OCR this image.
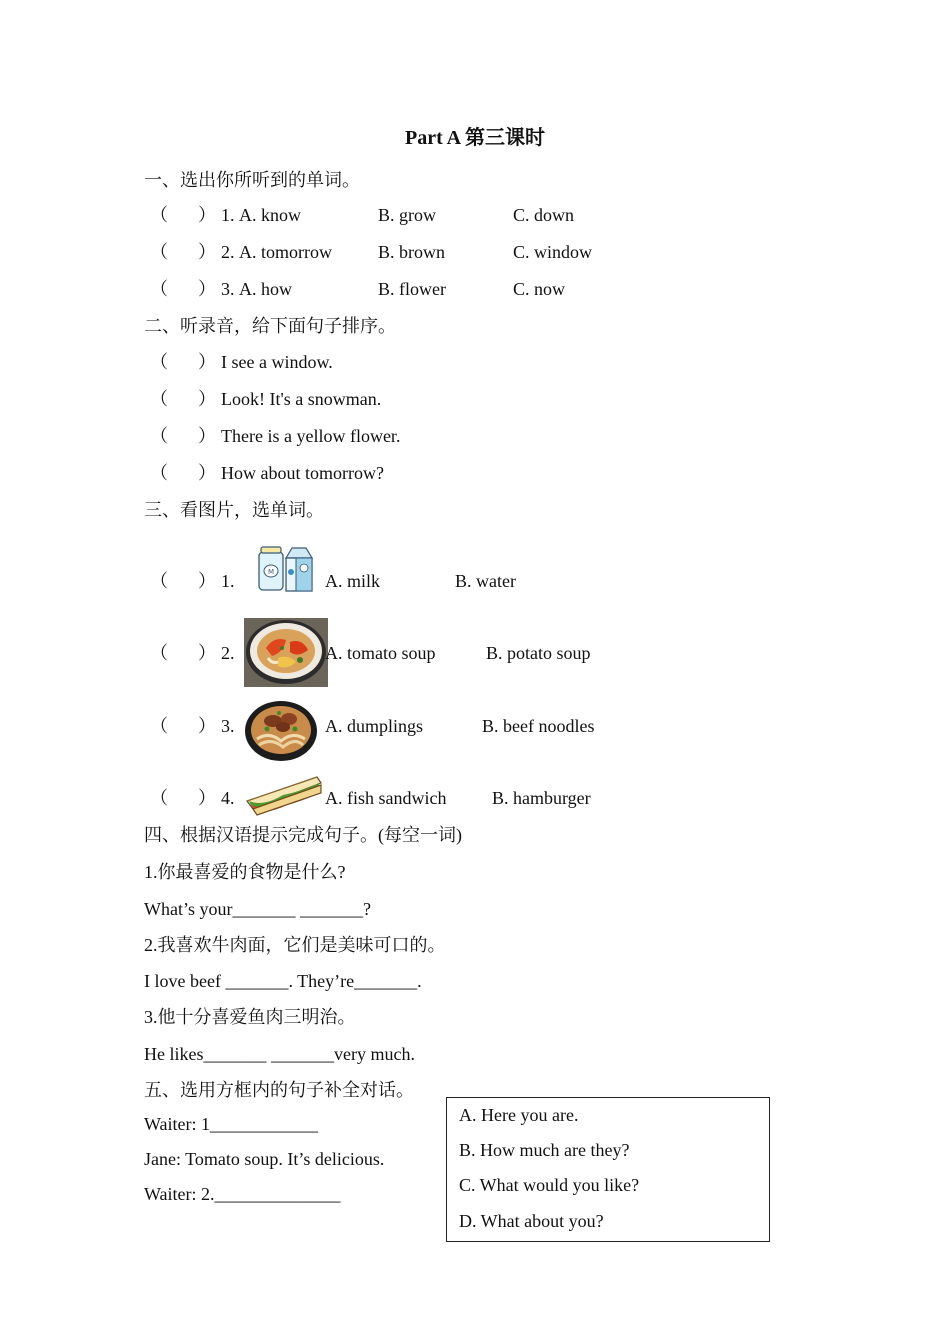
Part A 第三课时
一、选出你所听到的单词。
（ ） 1. A. know	B. grow	C. down
（ ） 2. A. tomorrow	B. brown	C. window
（ ） 3. A. how	B. flower	C. now
二、听录音，给下面句子排序。
（ ） I see a window.
（ ） Look! It's a snowman.
（ ） There is a yellow flower.
（ ） How about tomorrow?
三、看图片，选单词。
（ ） 1.	M	A. milk	B. water
（ ） 2.	A. tomato soup	B. potato soup
（ ） 3.	A. dumplings	B. beef noodles
（ ） 4.	A. fish sandwich	B. hamburger
四、根据汉语提示完成句子。(每空一词)
1.你最喜爱的食物是什么?
What’s your_______ _______?
2.我喜欢牛肉面，它们是美味可口的。
I love beef _______. They’re_______.
3.他十分喜爱鱼肉三明治。
He likes_______ _______very much.
五、选用方框内的句子补全对话。
Waiter: 1____________
Jane: Tomato soup. It’s delicious.
Waiter: 2.______________
A. Here you are.
B. How much are they?
C. What would you like?
D. What about you?
